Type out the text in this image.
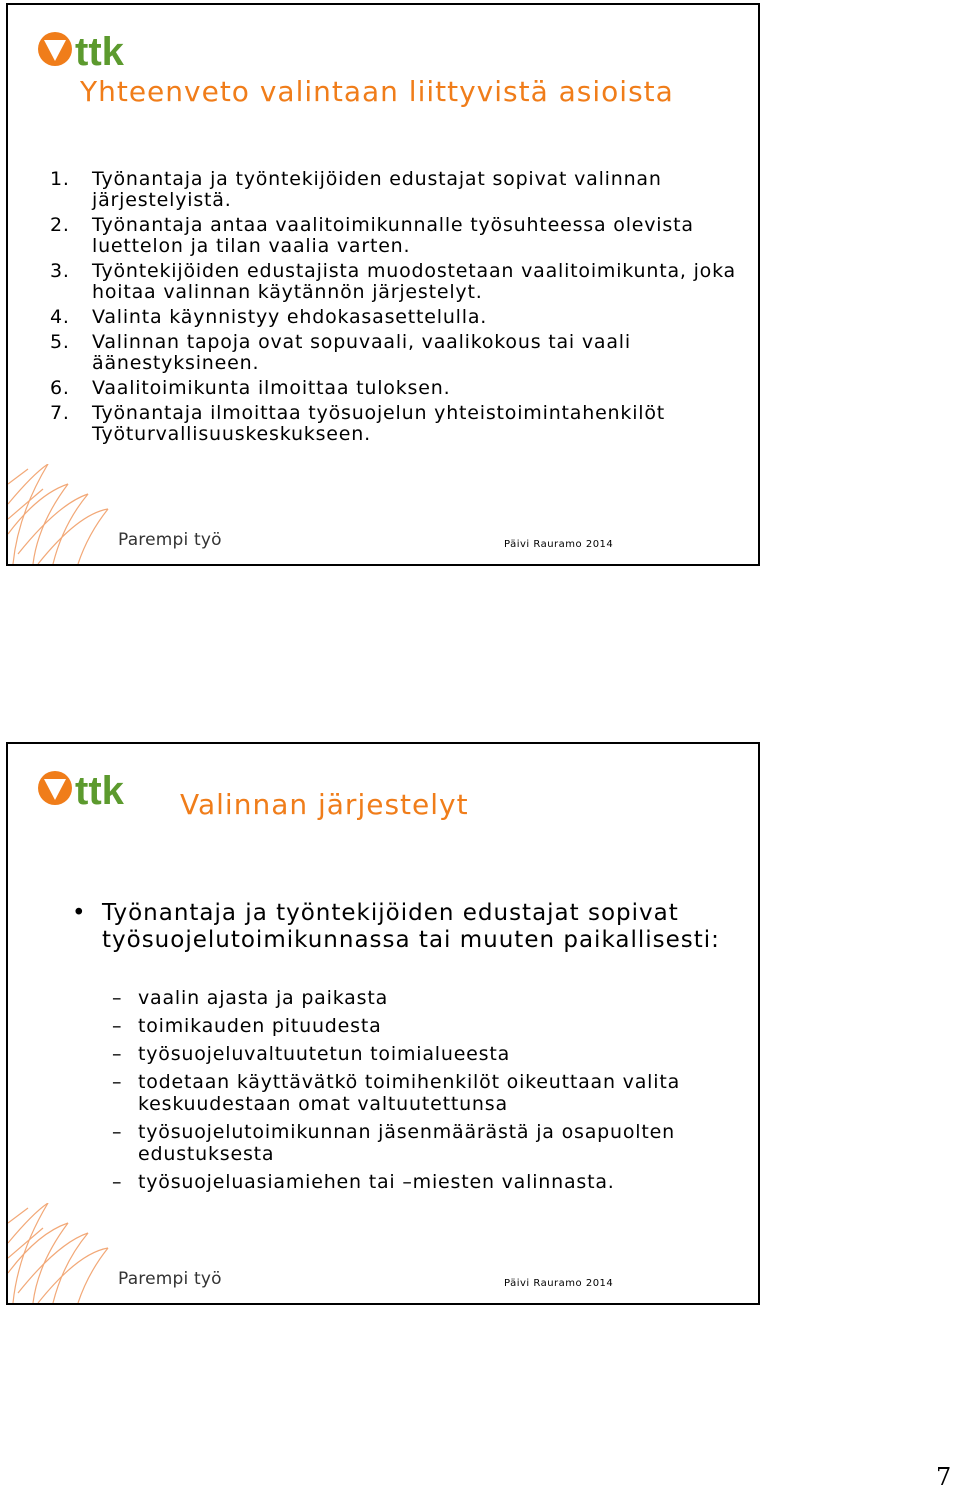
ttk
Yhteenveto valintaan liittyvistä asioista
1. Työnantaja ja työntekijöiden edustajat sopivat valinnan järjestelyistä.
2. Työnantaja antaa vaalitoimikunnalle työsuhteessa olevista luettelon ja tilan vaalia varten.
3. Työntekijöiden edustajista muodostetaan vaalitoimikunta, joka hoitaa valinnan käytännön järjestelyt.
4. Valinta käynnistyy ehdokasasettelulla.
5. Valinnan tapoja ovat sopuvaali, vaalikokous tai vaali äänestyksineen.
6. Vaalitoimikunta ilmoittaa tuloksen.
7. Työnantaja ilmoittaa työsuojelun yhteistoimintahenkilöt Työturvallisuuskeskukseen.
Parempi työ	Päivi Rauramo 2014
ttk Valinnan järjestelyt
• Työnantaja ja työntekijöiden edustajat sopivat työsuojelutoimikunnassa tai muuten paikallisesti:
– vaalin ajasta ja paikasta
– toimikauden pituudesta
– työsuojeluvaltuutetun toimialueesta
– todetaan käyttävätkö toimihenkilöt oikeuttaan valita keskuudestaan omat valtuutettunsa
– työsuojelutoimikunnan jäsenmäärästä ja osapuolten edustuksesta
– työsuojeluasiamiehen tai –miesten valinnasta.
Parempi työ	Päivi Rauramo 2014
7
